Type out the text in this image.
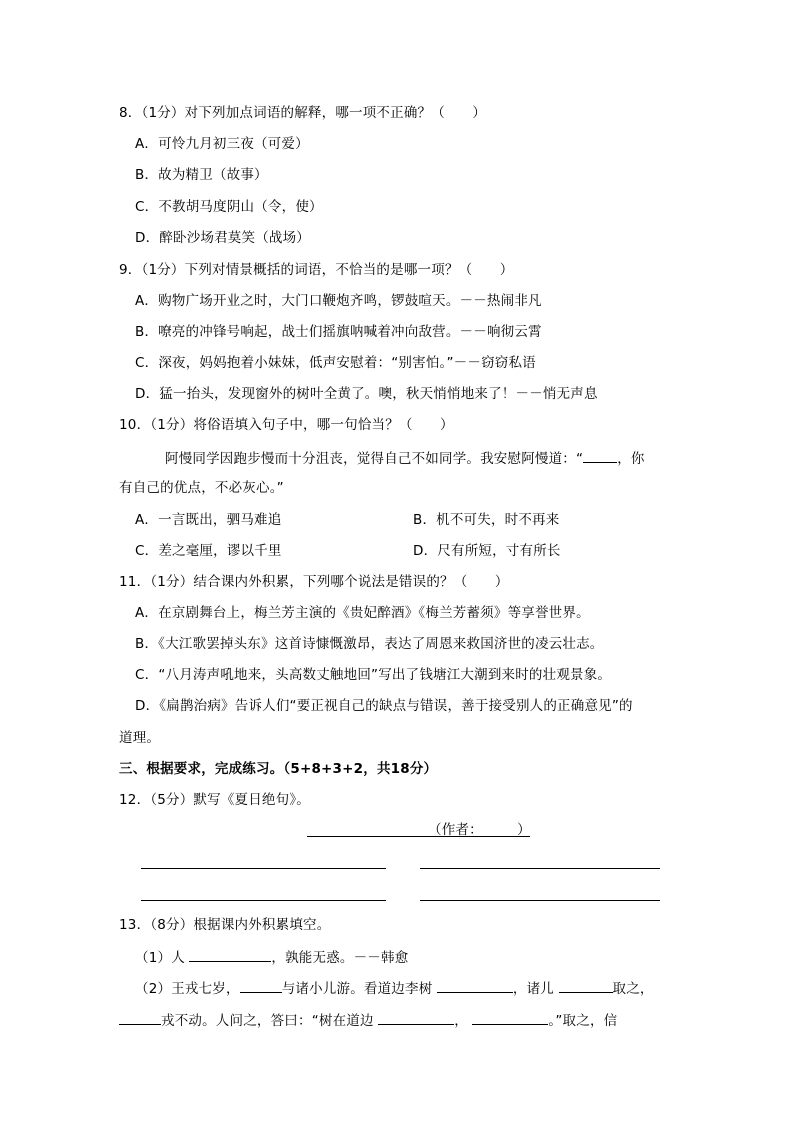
8．（1分）对下列加点词语的解释，哪一项不正确？（　　）
A．可怜九月初三夜（可爱）
B．故为精卫（故事）
C．不教胡马度阴山（令，使）
D．醉卧沙场君莫笑（战场）
9．（1分）下列对情景概括的词语，不恰当的是哪一项？（　　）
A．购物广场开业之时，大门口鞭炮齐鸣，锣鼓喧天。－－热闹非凡
B．嘹亮的冲锋号响起，战士们摇旗呐喊着冲向敌营。－－响彻云霄
C．深夜，妈妈抱着小妹妹，低声安慰着：“别害怕。”－－窃窃私语
D．猛一抬头，发现窗外的树叶全黄了。噢，秋天悄悄地来了！－－悄无声息
10．（1分）将俗语填入句子中，哪一句恰当？（　　）
阿慢同学因跑步慢而十分沮丧，觉得自己不如同学。我安慰阿慢道：“	，你
有自己的优点，不必灰心。”
A．一言既出，驷马难追	B．机不可失，时不再来
C．差之毫厘，谬以千里	D．尺有所短，寸有所长
11．（1分）结合课内外积累，下列哪个说法是错误的？（　　）
A．在京剧舞台上，梅兰芳主演的《贵妃醉酒》《梅兰芳蓄须》等享誉世界。
B．《大江歌罢掉头东》这首诗慷慨激昂，表达了周恩来救国济世的凌云壮志。
C．“八月涛声吼地来，头高数丈触地回”写出了钱塘江大潮到来时的壮观景象。
D．《扁鹊治病》告诉人们“要正视自己的缺点与错误，善于接受别人的正确意见”的
道理。
三、根据要求，完成练习。（5+8+3+2，共18分）
12．（5分）默写《夏日绝句》。
（作者：　　　）
13．（8分）根据课内外积累填空。
（1）人	，孰能无惑。－－韩愈
（2）王戎七岁，	与诸小儿游。看道边李树	，诸儿	取之，
戎不动。人问之，答曰：“树在道边	，	。”取之，信
